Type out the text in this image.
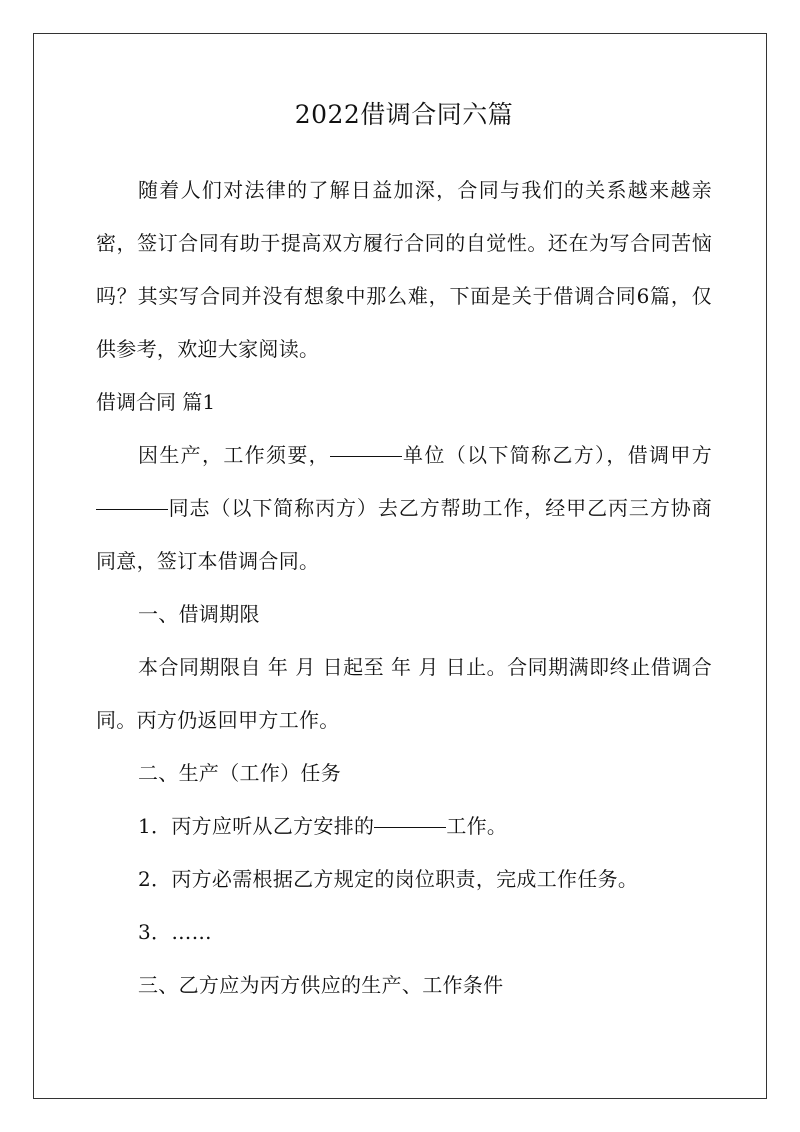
2022借调合同六篇

随着人们对法律的了解日益加深，合同与我们的关系越来越亲密，签订合同有助于提高双方履行合同的自觉性。还在为写合同苦恼吗？其实写合同并没有想象中那么难，下面是关于借调合同6篇，仅供参考，欢迎大家阅读。

借调合同 篇1

因生产，工作须要，	单位（以下简称乙方），借调甲方同志（以下简称丙方）去乙方帮助工作，经甲乙丙三方协商同意，签订本借调合同。

一、借调期限

本合同期限自 年 月 日起至 年 月 日止。合同期满即终止借调合同。丙方仍返回甲方工作。

二、生产（工作）任务

1．丙方应听从乙方安排的	工作。

2．丙方必需根据乙方规定的岗位职责，完成工作任务。

3．……

三、乙方应为丙方供应的生产、工作条件
